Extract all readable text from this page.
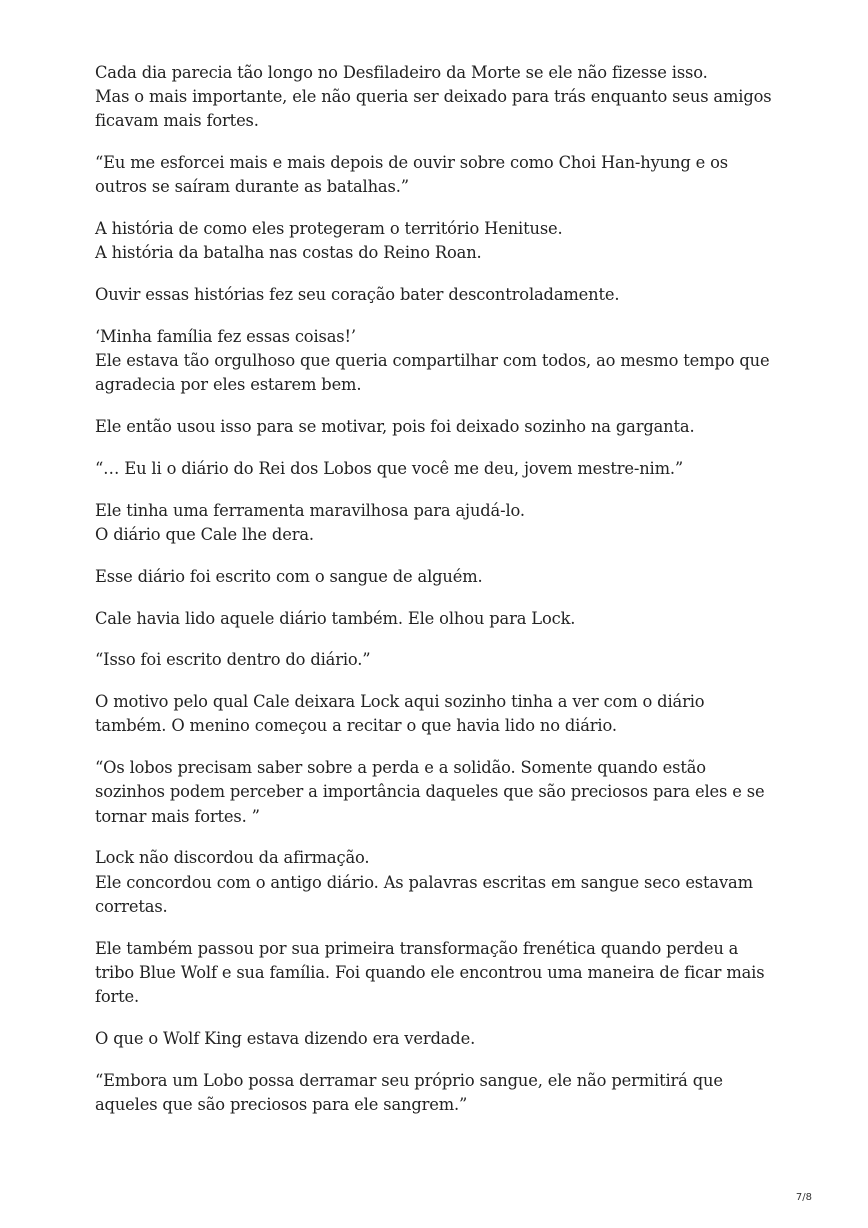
Cada dia parecia tão longo no Desfiladeiro da Morte se ele não fizesse isso.
Mas o mais importante, ele não queria ser deixado para trás enquanto seus amigos ficavam mais fortes.

“Eu me esforcei mais e mais depois de ouvir sobre como Choi Han-hyung e os outros se saíram durante as batalhas.”

A história de como eles protegeram o território Henituse.
A história da batalha nas costas do Reino Roan.

Ouvir essas histórias fez seu coração bater descontroladamente.

‘Minha família fez essas coisas!’
Ele estava tão orgulhoso que queria compartilhar com todos, ao mesmo tempo que agradecia por eles estarem bem.

Ele então usou isso para se motivar, pois foi deixado sozinho na garganta.

“… Eu li o diário do Rei dos Lobos que você me deu, jovem mestre-nim.”

Ele tinha uma ferramenta maravilhosa para ajudá-lo.
O diário que Cale lhe dera.

Esse diário foi escrito com o sangue de alguém.

Cale havia lido aquele diário também. Ele olhou para Lock.

“Isso foi escrito dentro do diário.”

O motivo pelo qual Cale deixara Lock aqui sozinho tinha a ver com o diário também. O menino começou a recitar o que havia lido no diário.

“Os lobos precisam saber sobre a perda e a solidão. Somente quando estão sozinhos podem perceber a importância daqueles que são preciosos para eles e se tornar mais fortes. ”

Lock não discordou da afirmação.
Ele concordou com o antigo diário. As palavras escritas em sangue seco estavam corretas.

Ele também passou por sua primeira transformação frenética quando perdeu a tribo Blue Wolf e sua família. Foi quando ele encontrou uma maneira de ficar mais forte.

O que o Wolf King estava dizendo era verdade.

“Embora um Lobo possa derramar seu próprio sangue, ele não permitirá que aqueles que são preciosos para ele sangrem.”

7/8
